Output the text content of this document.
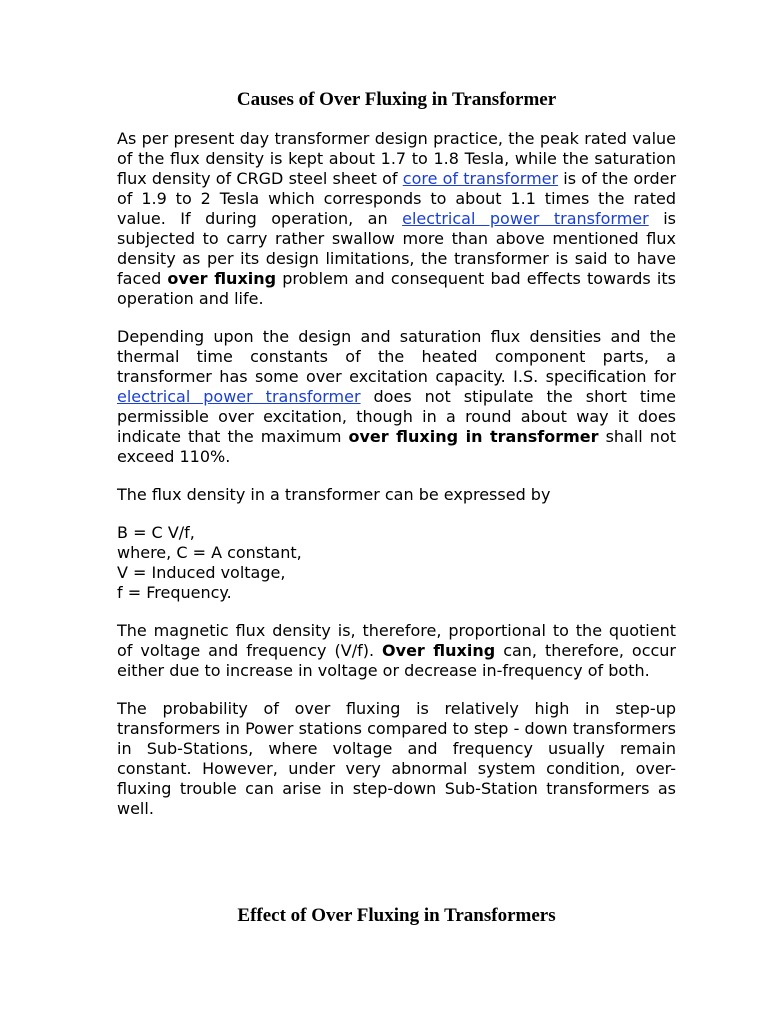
Causes of Over Fluxing in Transformer

As per present day transformer design practice, the peak rated value of the flux density is kept about 1.7 to 1.8 Tesla, while the saturation flux density of CRGD steel sheet of core of transformer is of the order of 1.9 to 2 Tesla which corresponds to about 1.1 times the rated value. If during operation, an electrical power transformer is subjected to carry rather swallow more than above mentioned flux density as per its design limitations, the transformer is said to have faced over fluxing problem and consequent bad effects towards its operation and life.

Depending upon the design and saturation flux densities and the thermal time constants of the heated component parts, a transformer has some over excitation capacity. I.S. specification for electrical power transformer does not stipulate the short time permissible over excitation, though in a round about way it does indicate that the maximum over fluxing in transformer shall not exceed 110%.

The flux density in a transformer can be expressed by

B = C V/f,
where, C = A constant,
V = Induced voltage,
f = Frequency.

The magnetic flux density is, therefore, proportional to the quotient of voltage and frequency (V/f). Over fluxing can, therefore, occur either due to increase in voltage or decrease in-frequency of both.

The probability of over fluxing is relatively high in step-up transformers in Power stations compared to step - down transformers in Sub-Stations, where voltage and frequency usually remain constant. However, under very abnormal system condition, over-fluxing trouble can arise in step-down Sub-Station transformers as well.

Effect of Over Fluxing in Transformers
